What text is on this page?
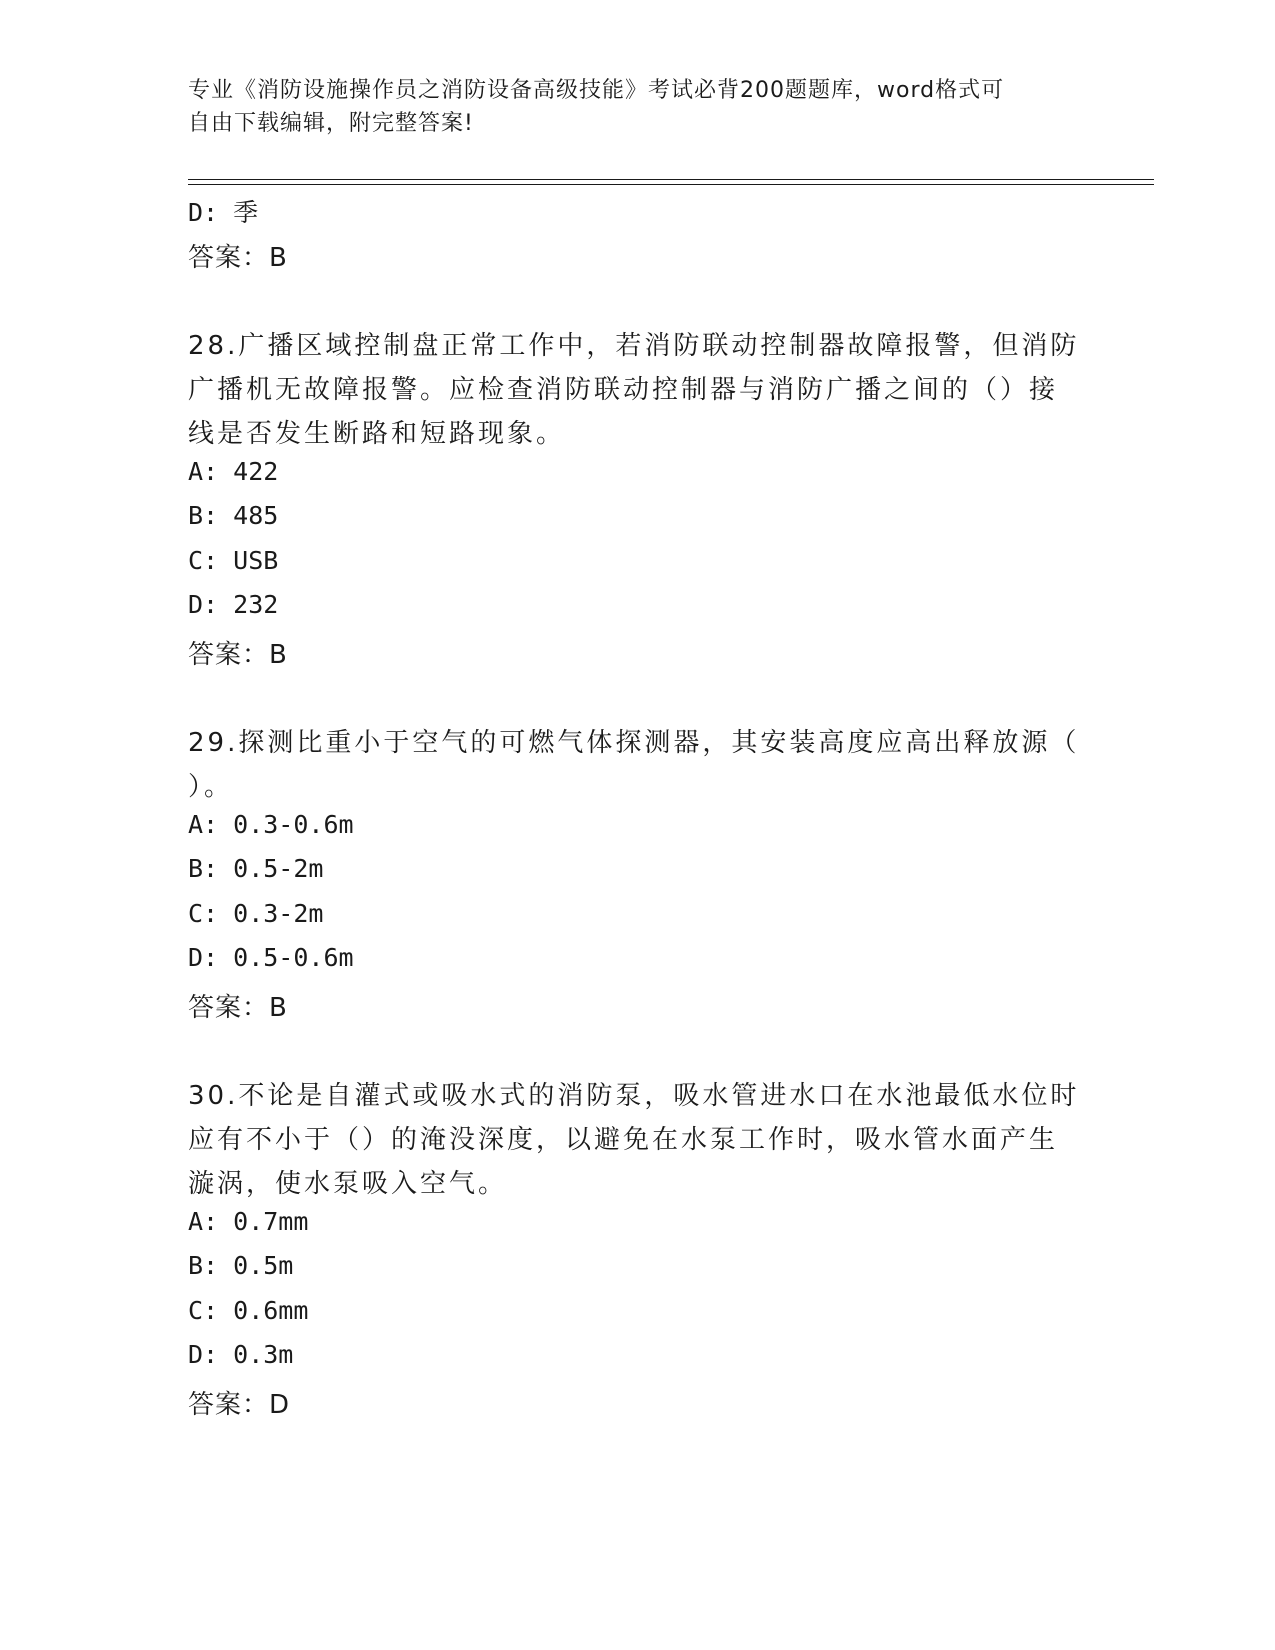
专业《消防设施操作员之消防设备高级技能》考试必背200题题库，word格式可
自由下载编辑，附完整答案!
D: 季
答案：B
28.广播区域控制盘正常工作中，若消防联动控制器故障报警，但消防
广播机无故障报警。应检查消防联动控制器与消防广播之间的（）接
线是否发生断路和短路现象。
A: 422
B: 485
C: USB
D: 232
答案：B
29.探测比重小于空气的可燃气体探测器，其安装高度应高出释放源（
）。
A: 0.3-0.6m
B: 0.5-2m
C: 0.3-2m
D: 0.5-0.6m
答案：B
30.不论是自灌式或吸水式的消防泵，吸水管进水口在水池最低水位时
应有不小于（）的淹没深度，以避免在水泵工作时，吸水管水面产生
漩涡，使水泵吸入空气。
A: 0.7mm
B: 0.5m
C: 0.6mm
D: 0.3m
答案：D
